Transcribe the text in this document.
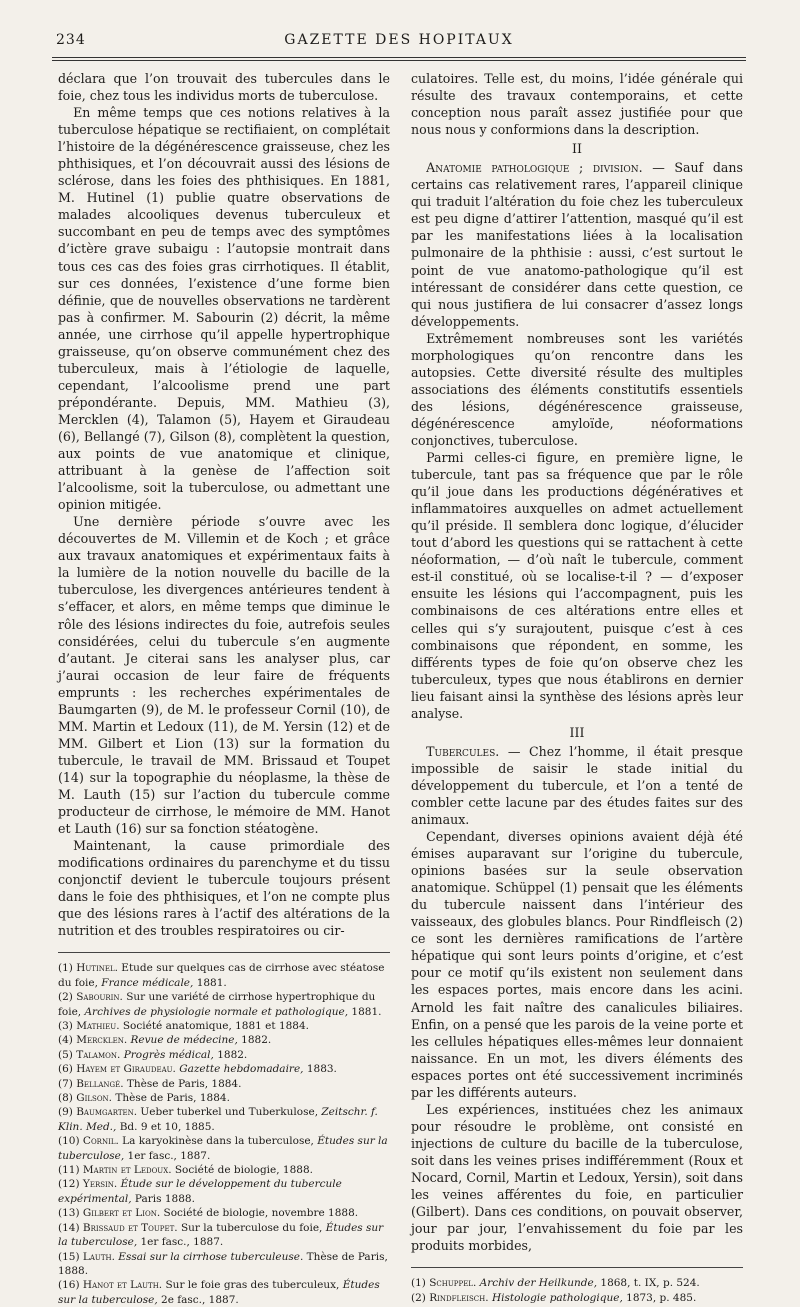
234	GAZETTE DES HOPITAUX

déclara que l’on trouvait des tubercules dans le foie, chez tous les individus morts de tuberculose.

En même temps que ces notions relatives à la tuberculose hépatique se rectifiaient, on complétait l’histoire de la dégénérescence graisseuse, chez les phthisiques, et l’on découvrait aussi des lésions de sclérose, dans les foies des phthisiques. En 1881, M. Hutinel (1) publie quatre observations de malades alcooliques devenus tuberculeux et succombant en peu de temps avec des symptômes d’ictère grave subaigu : l’autopsie montrait dans tous ces cas des foies gras cirrhotiques. Il établit, sur ces données, l’existence d’une forme bien définie, que de nouvelles observations ne tardèrent pas à confirmer. M. Sabourin (2) décrit, la même année, une cirrhose qu’il appelle hypertrophique graisseuse, qu’on observe communément chez des tuberculeux, mais à l’étiologie de laquelle, cependant, l’alcoolisme prend une part prépondérante. Depuis, MM. Mathieu (3), Mercklen (4), Talamon (5), Hayem et Giraudeau (6), Bellangé (7), Gilson (8), complètent la question, aux points de vue anatomique et clinique, attribuant à la genèse de l’affection soit l’alcoolisme, soit la tuberculose, ou admettant une opinion mitigée.

Une dernière période s’ouvre avec les découvertes de M. Villemin et de Koch ; et grâce aux travaux anatomiques et expérimentaux faits à la lumière de la notion nouvelle du bacille de la tuberculose, les divergences antérieures tendent à s’effacer, et alors, en même temps que diminue le rôle des lésions indirectes du foie, autrefois seules considérées, celui du tubercule s’en augmente d’autant. Je citerai sans les analyser plus, car j’aurai occasion de leur faire de fréquents emprunts : les recherches expérimentales de Baumgarten (9), de M. le professeur Cornil (10), de MM. Martin et Ledoux (11), de M. Yersin (12) et de MM. Gilbert et Lion (13) sur la formation du tubercule, le travail de MM. Brissaud et Toupet (14) sur la topographie du néoplasme, la thèse de M. Lauth (15) sur l’action du tubercule comme producteur de cirrhose, le mémoire de MM. Hanot et Lauth (16) sur sa fonction stéatogène.

Maintenant, la cause primordiale des modifications ordinaires du parenchyme et du tissu conjonctif devient le tubercule toujours présent dans le foie des phthisiques, et l’on ne compte plus que des lésions rares à l’actif des altérations de la nutrition et des troubles respiratoires ou cir-

(1) Hutinel. Etude sur quelques cas de cirrhose avec stéatose du foie, France médicale, 1881.
(2) Sabourin. Sur une variété de cirrhose hypertrophique du foie, Archives de physiologie normale et pathologique, 1881.
(3) Mathieu. Société anatomique, 1881 et 1884.
(4) Mercklen. Revue de médecine, 1882.
(5) Talamon. Progrès médical, 1882.
(6) Hayem et Giraudeau. Gazette hebdomadaire, 1883.
(7) Bellangé. Thèse de Paris, 1884.
(8) Gilson. Thèse de Paris, 1884.
(9) Baumgarten. Ueber tuberkel und Tuberkulose, Zeitschr. f. Klin. Med., Bd. 9 et 10, 1885.
(10) Cornil. La karyokinèse dans la tuberculose, Études sur la tuberculose, 1er fasc., 1887.
(11) Martin et Ledoux. Société de biologie, 1888.
(12) Yersin. Étude sur le développement du tubercule expérimental, Paris 1888.
(13) Gilbert et Lion. Société de biologie, novembre 1888.
(14) Brissaud et Toupet. Sur la tuberculose du foie, Études sur la tuberculose, 1er fasc., 1887.
(15) Lauth. Essai sur la cirrhose tuberculeuse. Thèse de Paris, 1888.
(16) Hanot et Lauth. Sur le foie gras des tuberculeux, Études sur la tuberculose, 2e fasc., 1887.

culatoires. Telle est, du moins, l’idée générale qui résulte des travaux contemporains, et cette conception nous paraît assez justifiée pour que nous nous y conformions dans la description.

II

Anatomie pathologique ; division. — Sauf dans certains cas relativement rares, l’appareil clinique qui traduit l’altération du foie chez les tuberculeux est peu digne d’attirer l’attention, masqué qu’il est par les manifestations liées à la localisation pulmonaire de la phthisie : aussi, c’est surtout le point de vue anatomo-pathologique qu’il est intéressant de considérer dans cette question, ce qui nous justifiera de lui consacrer d’assez longs développements.

Extrêmement nombreuses sont les variétés morphologiques qu’on rencontre dans les autopsies. Cette diversité résulte des multiples associations des éléments constitutifs essentiels des lésions, dégénérescence graisseuse, dégénérescence amyloïde, néoformations conjonctives, tuberculose.

Parmi celles-ci figure, en première ligne, le tubercule, tant pas sa fréquence que par le rôle qu’il joue dans les productions dégénératives et inflammatoires auxquelles on admet actuellement qu’il préside. Il semblera donc logique, d’élucider tout d’abord les questions qui se rattachent à cette néoformation, — d’où naît le tubercule, comment est-il constitué, où se localise-t-il ? — d’exposer ensuite les lésions qui l’accompagnent, puis les combinaisons de ces altérations entre elles et celles qui s’y surajoutent, puisque c’est à ces combinaisons que répondent, en somme, les différents types de foie qu’on observe chez les tuberculeux, types que nous établirons en dernier lieu faisant ainsi la synthèse des lésions après leur analyse.

III

Tubercules. — Chez l’homme, il était presque impossible de saisir le stade initial du développement du tubercule, et l’on a tenté de combler cette lacune par des études faites sur des animaux.

Cependant, diverses opinions avaient déjà été émises auparavant sur l’origine du tubercule, opinions basées sur la seule observation anatomique. Schüppel (1) pensait que les éléments du tubercule naissent dans l’intérieur des vaisseaux, des globules blancs. Pour Rindfleisch (2) ce sont les dernières ramifications de l’artère hépatique qui sont leurs points d’origine, et c’est pour ce motif qu’ils existent non seulement dans les espaces portes, mais encore dans les acini. Arnold les fait naître des canalicules biliaires. Enfin, on a pensé que les parois de la veine porte et les cellules hépatiques elles-mêmes leur donnaient naissance. En un mot, les divers éléments des espaces portes ont été successivement incriminés par les différents auteurs.

Les expériences, instituées chez les animaux pour résoudre le problème, ont consisté en injections de culture du bacille de la tuberculose, soit dans les veines prises indifféremment (Roux et Nocard, Cornil, Martin et Ledoux, Yersin), soit dans les veines afférentes du foie, en particulier (Gilbert). Dans ces conditions, on pouvait observer, jour par jour, l’envahissement du foie par les produits morbides,

(1) Schuppel. Archiv der Heilkunde, 1868, t. IX, p. 524.
(2) Rindfleisch. Histologie pathologique, 1873, p. 485.
